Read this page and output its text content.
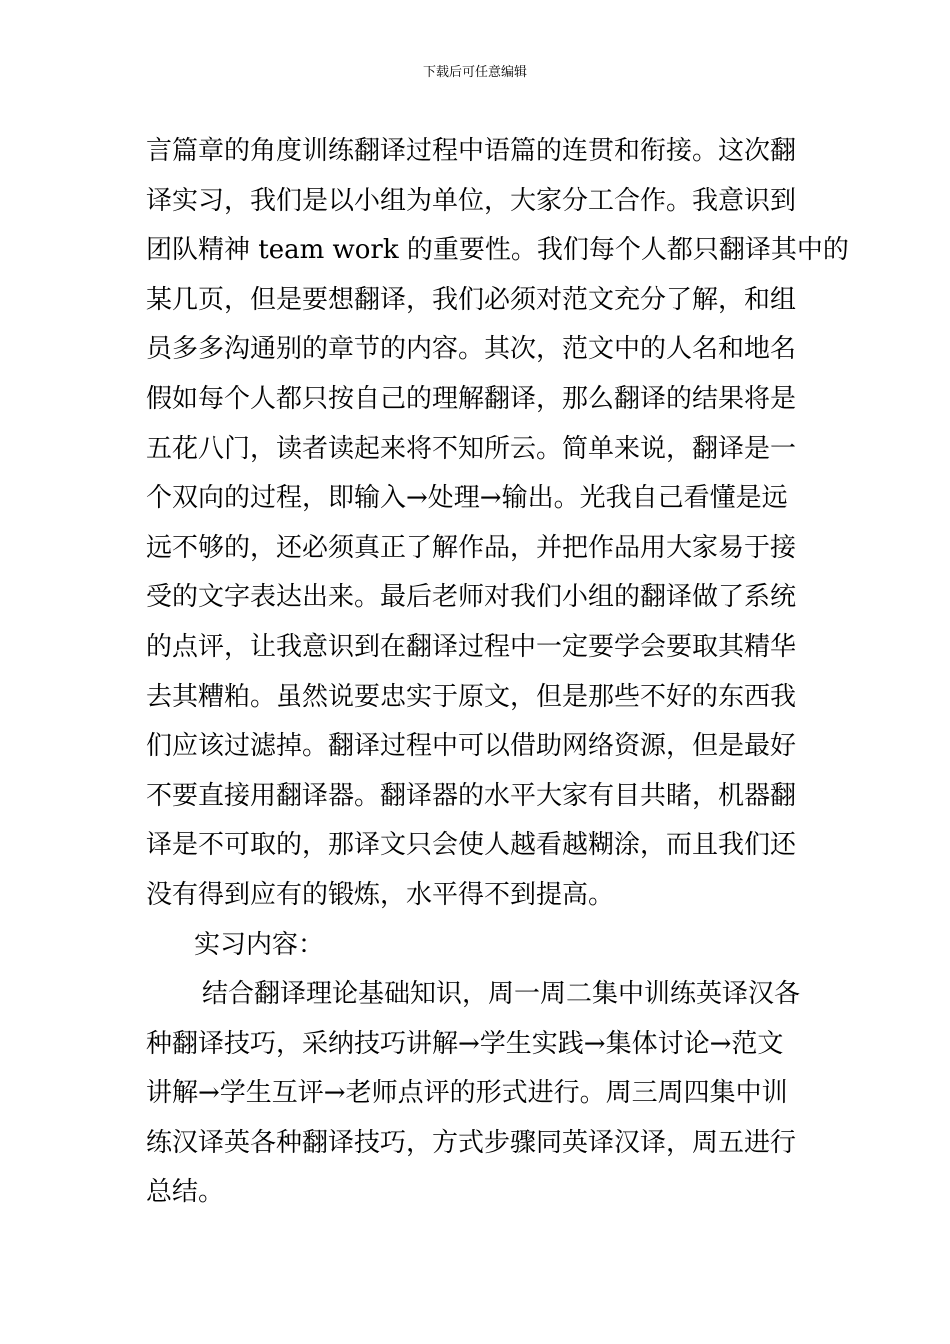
下载后可任意编辑
言篇章的角度训练翻译过程中语篇的连贯和衔接。这次翻
译实习，我们是以小组为单位，大家分工合作。我意识到
团队精神 team work 的重要性。我们每个人都只翻译其中的
某几页，但是要想翻译，我们必须对范文充分了解，和组
员多多沟通别的章节的内容。其次，范文中的人名和地名
假如每个人都只按自己的理解翻译，那么翻译的结果将是
五花八门，读者读起来将不知所云。简单来说，翻译是一
个双向的过程，即输入→处理→输出。光我自己看懂是远
远不够的，还必须真正了解作品，并把作品用大家易于接
受的文字表达出来。最后老师对我们小组的翻译做了系统
的点评，让我意识到在翻译过程中一定要学会要取其精华
去其糟粕。虽然说要忠实于原文，但是那些不好的东西我
们应该过滤掉。翻译过程中可以借助网络资源，但是最好
不要直接用翻译器。翻译器的水平大家有目共睹，机器翻
译是不可取的，那译文只会使人越看越糊涂，而且我们还
没有得到应有的锻炼，水平得不到提高。
实习内容：
结合翻译理论基础知识，周一周二集中训练英译汉各
种翻译技巧，采纳技巧讲解→学生实践→集体讨论→范文
讲解→学生互评→老师点评的形式进行。周三周四集中训
练汉译英各种翻译技巧，方式步骤同英译汉译，周五进行
总结。
